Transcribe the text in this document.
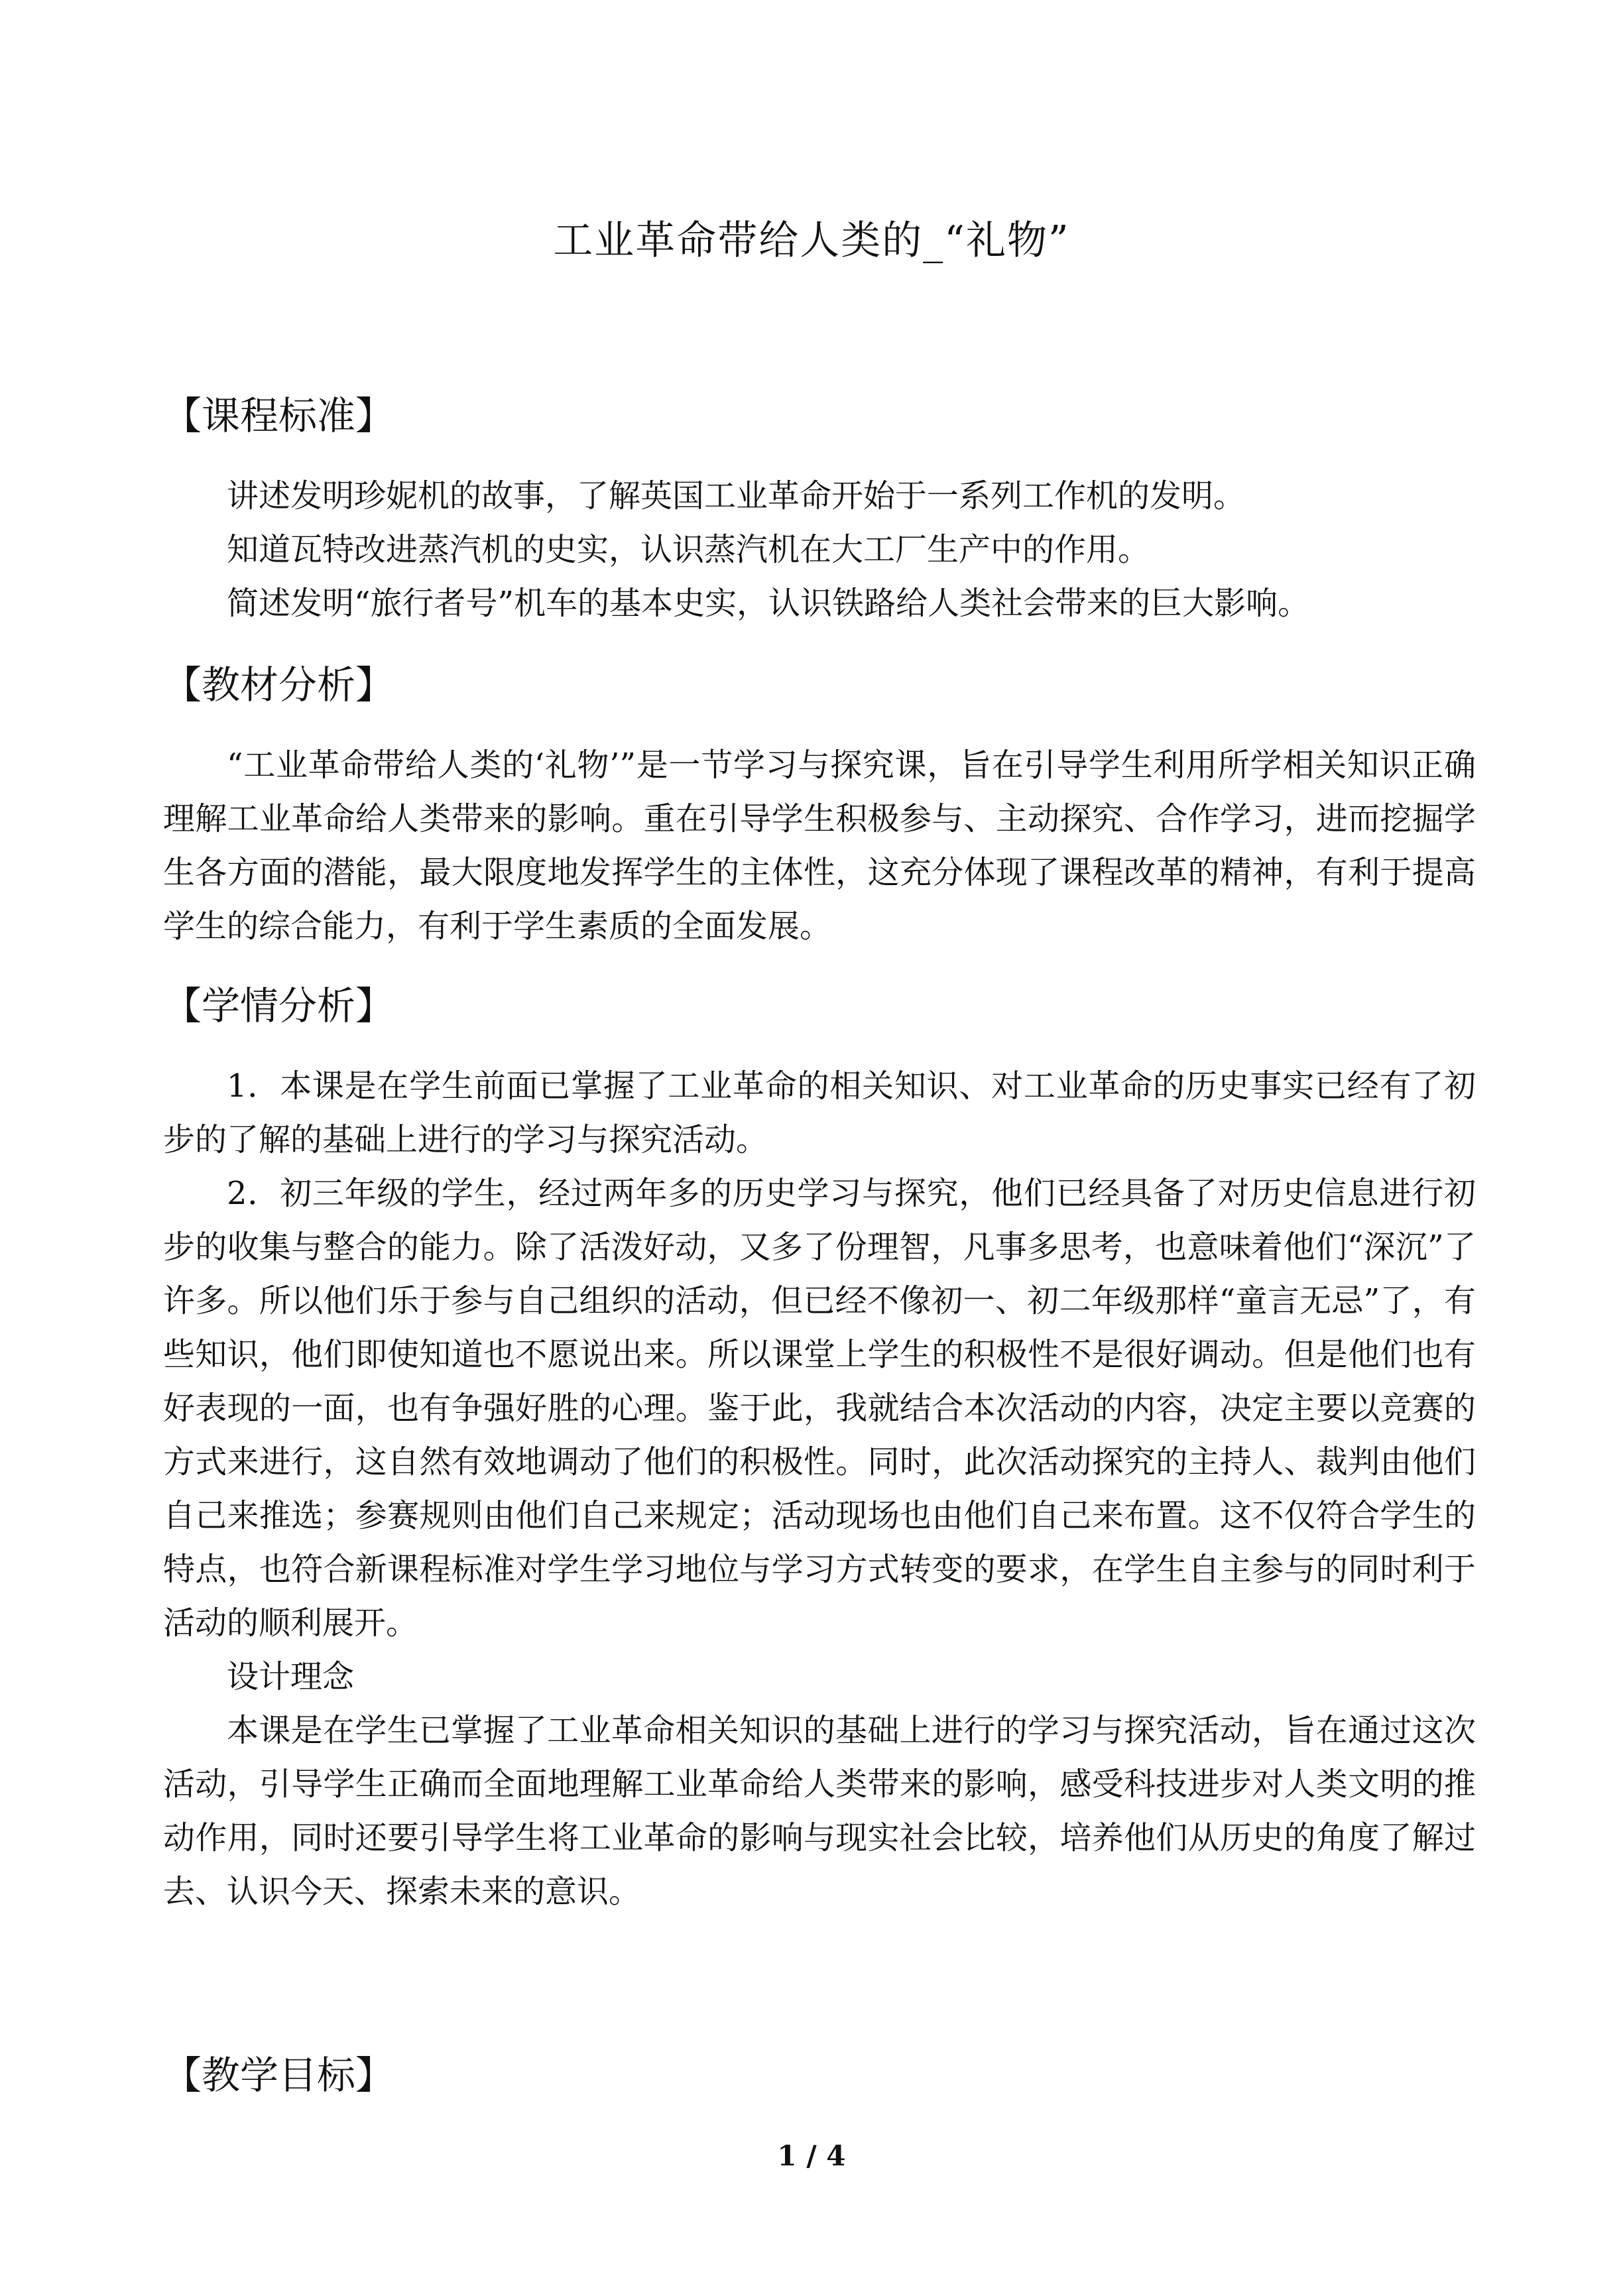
工业革命带给人类的_“礼物”
【课程标准】
讲述发明珍妮机的故事，了解英国工业革命开始于一系列工作机的发明。
知道瓦特改进蒸汽机的史实，认识蒸汽机在大工厂生产中的作用。
简述发明“旅行者号”机车的基本史实，认识铁路给人类社会带来的巨大影响。
【教材分析】

“工业革命带给人类的‘礼物’”是一节学习与探究课，旨在引导学生利用所学相关知识正确理解工业革命给人类带来的影响。重在引导学生积极参与、主动探究、合作学习，进而挖掘学生各方面的潜能，最大限度地发挥学生的主体性，这充分体现了课程改革的精神，有利于提高学生的综合能力，有利于学生素质的全面发展。

【学情分析】

1．本课是在学生前面已掌握了工业革命的相关知识、对工业革命的历史事实已经有了初步的了解的基础上进行的学习与探究活动。

2．初三年级的学生，经过两年多的历史学习与探究，他们已经具备了对历史信息进行初步的收集与整合的能力。除了活泼好动，又多了份理智，凡事多思考，也意味着他们“深沉”了许多。所以他们乐于参与自己组织的活动，但已经不像初一、初二年级那样“童言无忌”了，有些知识，他们即使知道也不愿说出来。所以课堂上学生的积极性不是很好调动。但是他们也有好表现的一面，也有争强好胜的心理。鉴于此，我就结合本次活动的内容，决定主要以竞赛的方式来进行，这自然有效地调动了他们的积极性。同时，此次活动探究的主持人、裁判由他们自己来推选；参赛规则由他们自己来规定；活动现场也由他们自己来布置。这不仅符合学生的特点，也符合新课程标准对学生学习地位与学习方式转变的要求，在学生自主参与的同时利于活动的顺利展开。

设计理念

本课是在学生已掌握了工业革命相关知识的基础上进行的学习与探究活动，旨在通过这次活动，引导学生正确而全面地理解工业革命给人类带来的影响，感受科技进步对人类文明的推动作用，同时还要引导学生将工业革命的影响与现实社会比较，培养他们从历史的角度了解过去、认识今天、探索未来的意识。

【教学目标】
1 / 4
